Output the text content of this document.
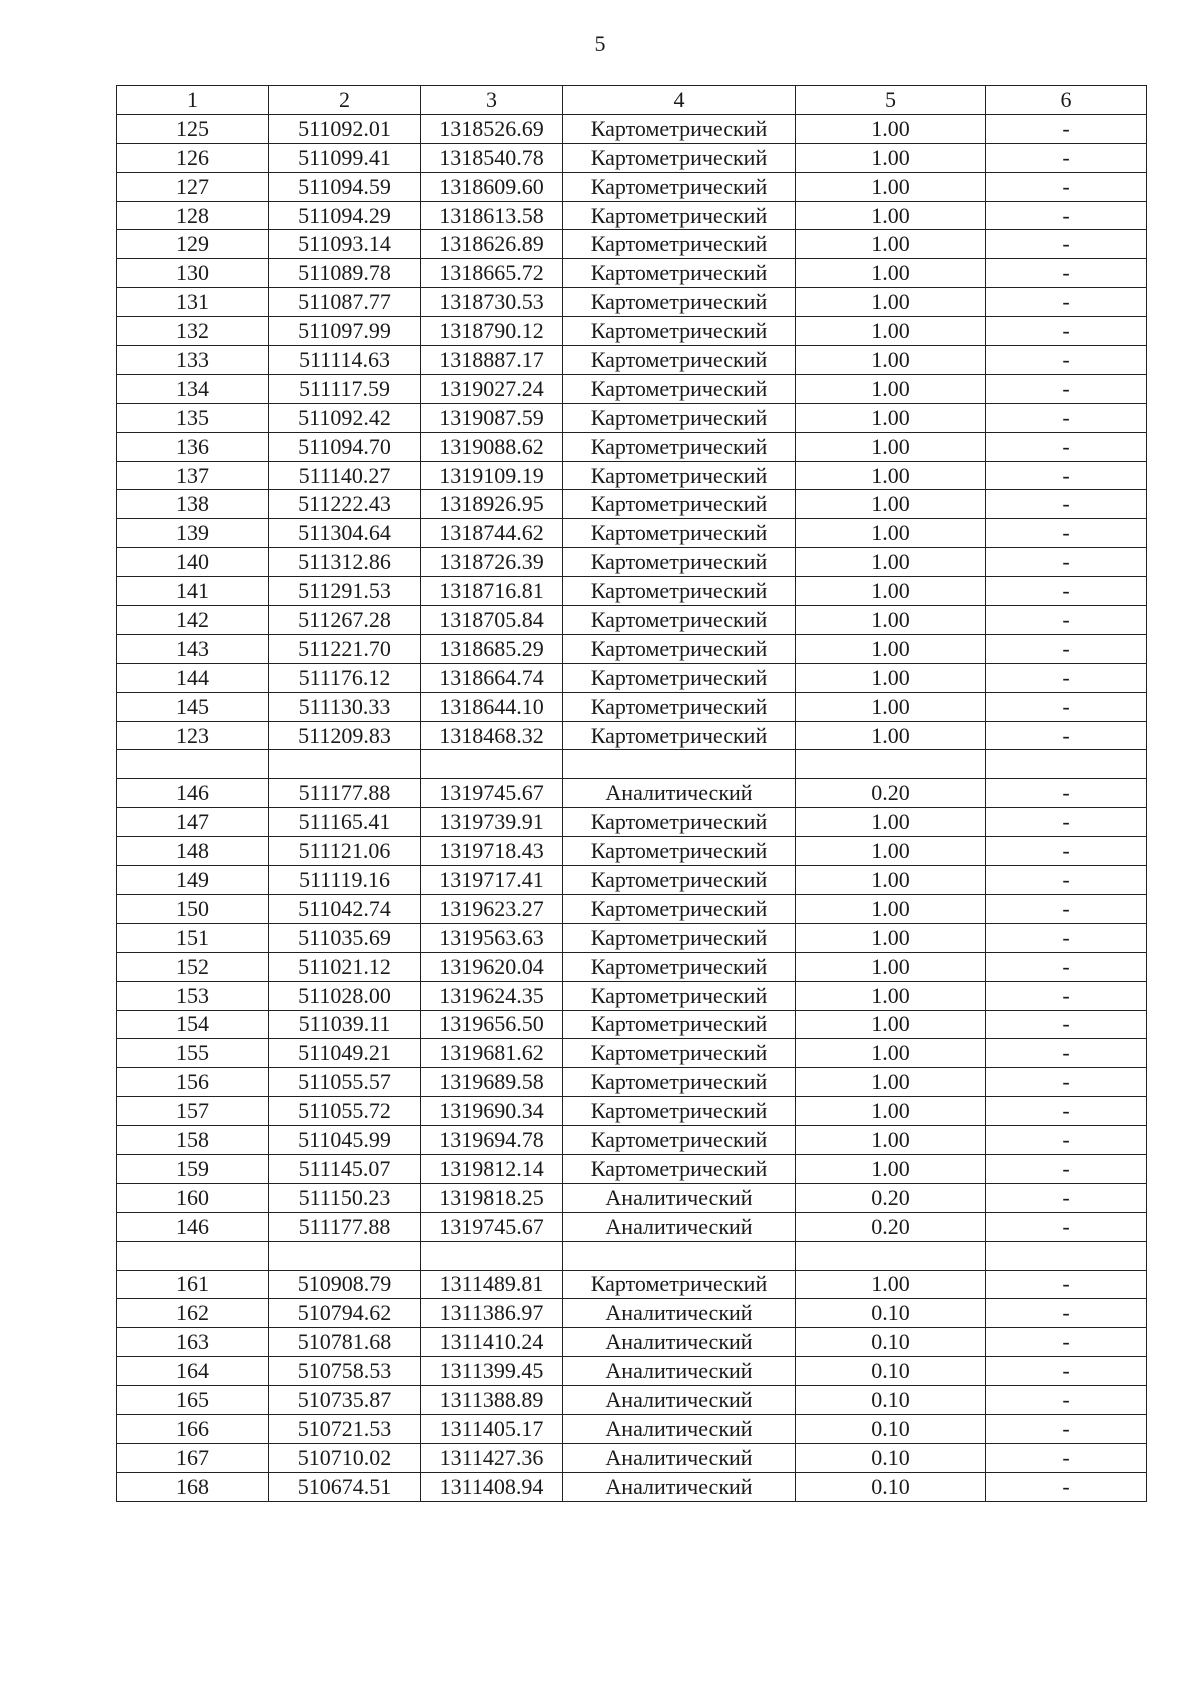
5
1	2	3	4	5	6
125	511092.01	1318526.69	Картометрический	1.00	-
126	511099.41	1318540.78	Картометрический	1.00	-
127	511094.59	1318609.60	Картометрический	1.00	-
128	511094.29	1318613.58	Картометрический	1.00	-
129	511093.14	1318626.89	Картометрический	1.00	-
130	511089.78	1318665.72	Картометрический	1.00	-
131	511087.77	1318730.53	Картометрический	1.00	-
132	511097.99	1318790.12	Картометрический	1.00	-
133	511114.63	1318887.17	Картометрический	1.00	-
134	511117.59	1319027.24	Картометрический	1.00	-
135	511092.42	1319087.59	Картометрический	1.00	-
136	511094.70	1319088.62	Картометрический	1.00	-
137	511140.27	1319109.19	Картометрический	1.00	-
138	511222.43	1318926.95	Картометрический	1.00	-
139	511304.64	1318744.62	Картометрический	1.00	-
140	511312.86	1318726.39	Картометрический	1.00	-
141	511291.53	1318716.81	Картометрический	1.00	-
142	511267.28	1318705.84	Картометрический	1.00	-
143	511221.70	1318685.29	Картометрический	1.00	-
144	511176.12	1318664.74	Картометрический	1.00	-
145	511130.33	1318644.10	Картометрический	1.00	-
123	511209.83	1318468.32	Картометрический	1.00	-

146	511177.88	1319745.67	Аналитический	0.20	-
147	511165.41	1319739.91	Картометрический	1.00	-
148	511121.06	1319718.43	Картометрический	1.00	-
149	511119.16	1319717.41	Картометрический	1.00	-
150	511042.74	1319623.27	Картометрический	1.00	-
151	511035.69	1319563.63	Картометрический	1.00	-
152	511021.12	1319620.04	Картометрический	1.00	-
153	511028.00	1319624.35	Картометрический	1.00	-
154	511039.11	1319656.50	Картометрический	1.00	-
155	511049.21	1319681.62	Картометрический	1.00	-
156	511055.57	1319689.58	Картометрический	1.00	-
157	511055.72	1319690.34	Картометрический	1.00	-
158	511045.99	1319694.78	Картометрический	1.00	-
159	511145.07	1319812.14	Картометрический	1.00	-
160	511150.23	1319818.25	Аналитический	0.20	-
146	511177.88	1319745.67	Аналитический	0.20	-

161	510908.79	1311489.81	Картометрический	1.00	-
162	510794.62	1311386.97	Аналитический	0.10	-
163	510781.68	1311410.24	Аналитический	0.10	-
164	510758.53	1311399.45	Аналитический	0.10	-
165	510735.87	1311388.89	Аналитический	0.10	-
166	510721.53	1311405.17	Аналитический	0.10	-
167	510710.02	1311427.36	Аналитический	0.10	-
168	510674.51	1311408.94	Аналитический	0.10	-
